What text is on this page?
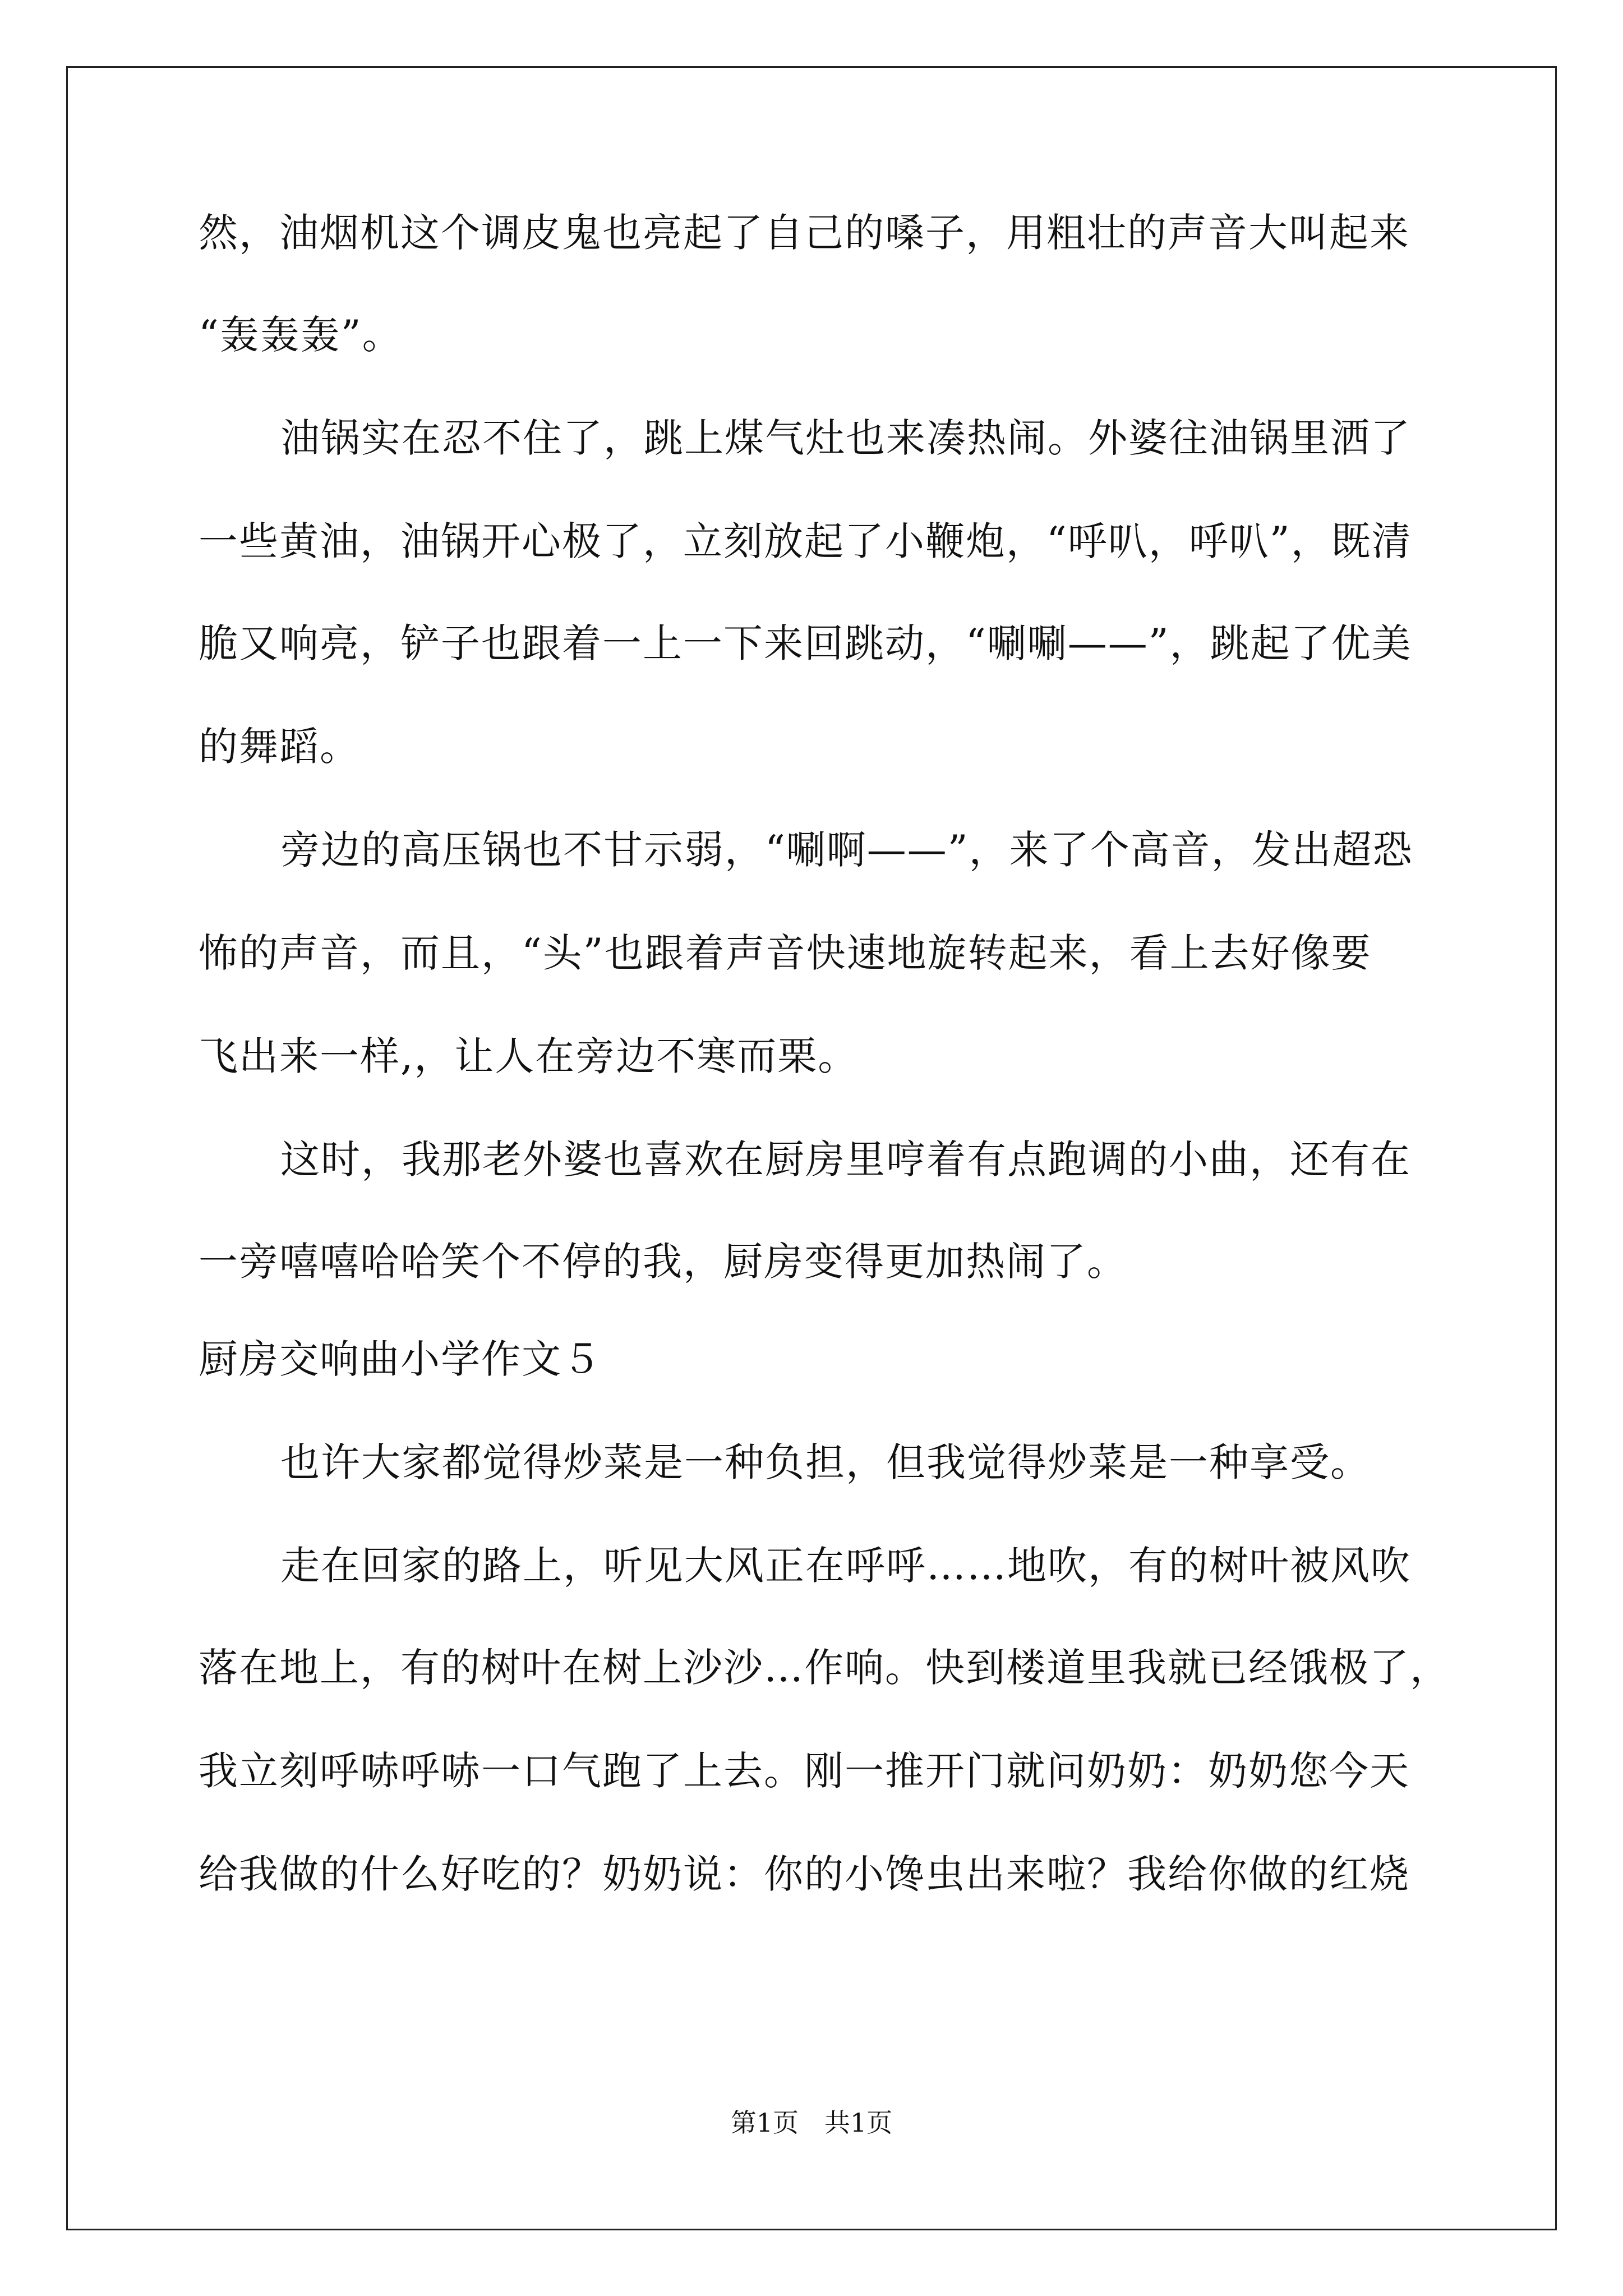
然，油烟机这个调皮鬼也亮起了自己的嗓子，用粗壮的声音大叫起来
“轰轰轰”。
油锅实在忍不住了，跳上煤气灶也来凑热闹。外婆往油锅里洒了
一些黄油，油锅开心极了，立刻放起了小鞭炮，“呼叭，呼叭”，既清
脆又响亮，铲子也跟着一上一下来回跳动，“唰唰——”，跳起了优美
的舞蹈。
旁边的高压锅也不甘示弱，“唰啊——”，来了个高音，发出超恐
怖的声音，而且，“头”也跟着声音快速地旋转起来，看上去好像要
飞出来一样,，让人在旁边不寒而栗。
这时，我那老外婆也喜欢在厨房里哼着有点跑调的小曲，还有在
一旁嘻嘻哈哈笑个不停的我，厨房变得更加热闹了。
厨房交响曲小学作文５
也许大家都觉得炒菜是一种负担，但我觉得炒菜是一种享受。
走在回家的路上，听见大风正在呼呼……地吹，有的树叶被风吹
落在地上，有的树叶在树上沙沙…作响。快到楼道里我就已经饿极了，
我立刻呼哧呼哧一口气跑了上去。刚一推开门就问奶奶：奶奶您今天
给我做的什么好吃的？奶奶说：你的小馋虫出来啦？我给你做的红烧
第1页　共1页
